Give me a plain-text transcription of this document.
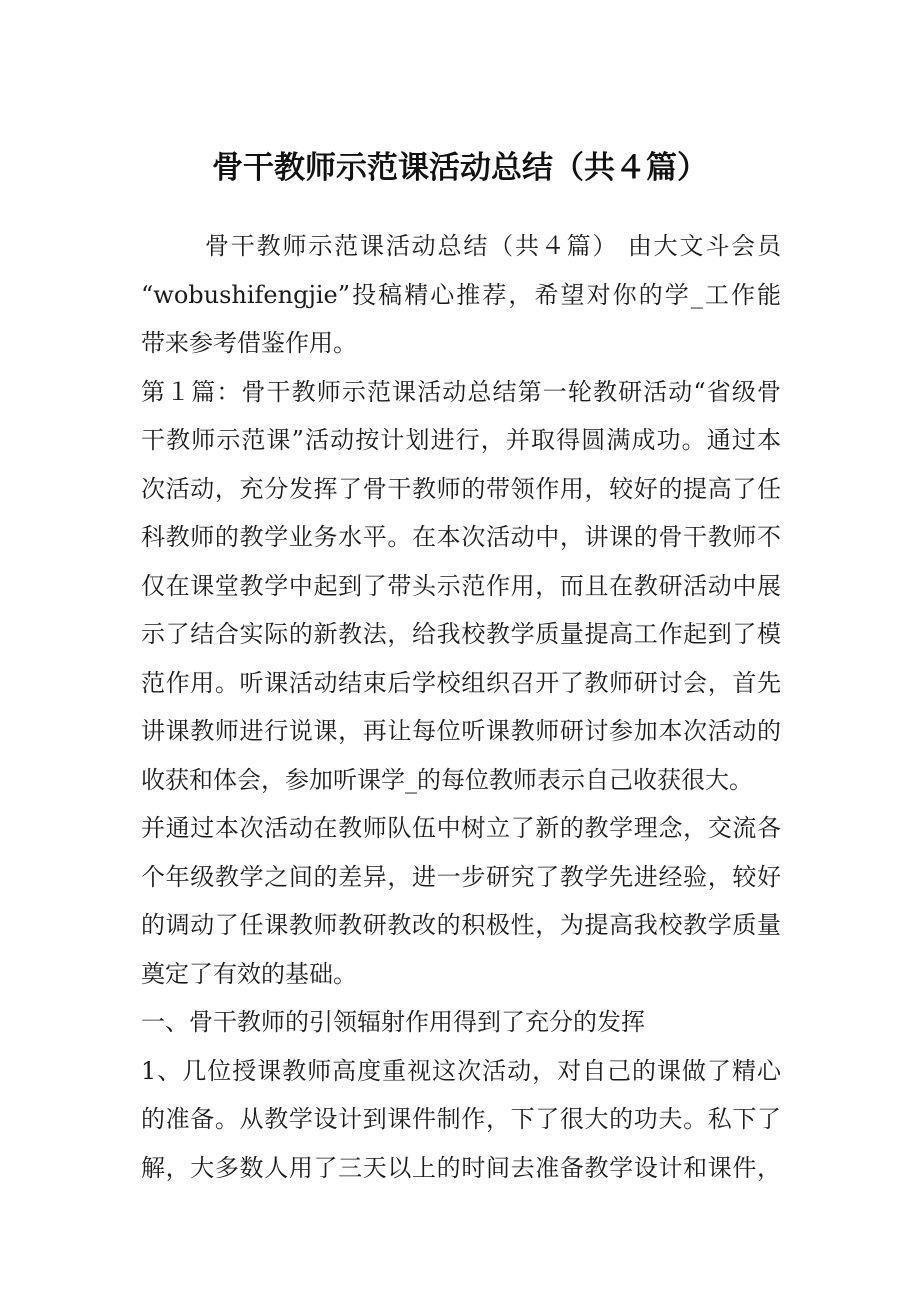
骨干教师示范课活动总结（共４篇）
骨干教师示范课活动总结（共４篇） 由大文斗会员
“wobushifengjie”投稿精心推荐，希望对你的学_工作能
带来参考借鉴作用。
第１篇：骨干教师示范课活动总结第一轮教研活动“省级骨
干教师示范课”活动按计划进行，并取得圆满成功。通过本
次活动，充分发挥了骨干教师的带领作用，较好的提高了任
科教师的教学业务水平。在本次活动中，讲课的骨干教师不
仅在课堂教学中起到了带头示范作用，而且在教研活动中展
示了结合实际的新教法，给我校教学质量提高工作起到了模
范作用。听课活动结束后学校组织召开了教师研讨会，首先
讲课教师进行说课，再让每位听课教师研讨参加本次活动的
收获和体会，参加听课学_的每位教师表示自己收获很大。
并通过本次活动在教师队伍中树立了新的教学理念，交流各
个年级教学之间的差异，进一步研究了教学先进经验，较好
的调动了任课教师教研教改的积极性，为提高我校教学质量
奠定了有效的基础。
一、骨干教师的引领辐射作用得到了充分的发挥
1、几位授课教师高度重视这次活动，对自己的课做了精心
的准备。从教学设计到课件制作，下了很大的功夫。私下了
解，大多数人用了三天以上的时间去准备教学设计和课件，
